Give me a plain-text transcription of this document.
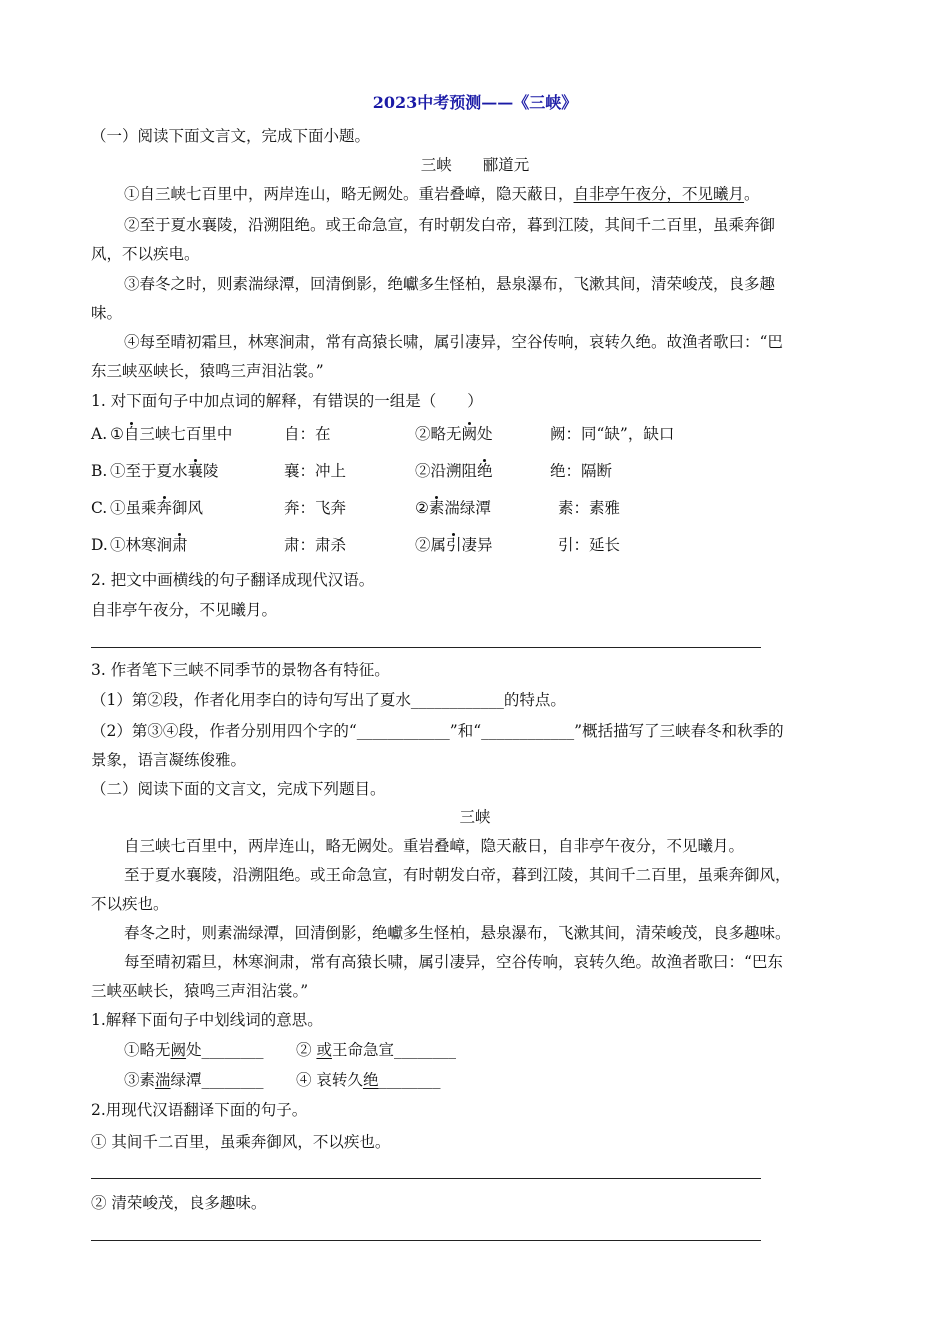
2023中考预测——《三峡》
（一）阅读下面文言文，完成下面小题。
三峡　　郦道元
①自三峡七百里中，两岸连山，略无阙处。重岩叠嶂，隐天蔽日，自非亭午夜分，不见曦月。
②至于夏水襄陵，沿溯阻绝。或王命急宣，有时朝发白帝，暮到江陵，其间千二百里，虽乘奔御
风，不以疾电。
③春冬之时，则素湍绿潭，回清倒影，绝巘多生怪柏，悬泉瀑布，飞漱其间，清荣峻茂，良多趣
味。
④每至晴初霜旦，林寒涧肃，常有高猿长啸，属引凄异，空谷传响，哀转久绝。故渔者歌曰：“巴
东三峡巫峡长，猿鸣三声泪沾裳。”
1. 对下面句子中加点词的解释，有错误的一组是（　　）
A. ①自三峡七百里中	自：在	②略无阙处	阙：同“缺”，缺口
B. ①至于夏水襄陵	襄：冲上	②沿溯阻绝	绝：隔断
C. ①虽乘奔御风	奔：飞奔	②素湍绿潭	素：素雅
D. ①林寒涧肃	肃：肃杀	②属引凄异	引：延长
2. 把文中画横线的句子翻译成现代汉语。
自非亭午夜分，不见曦月。
3. 作者笔下三峡不同季节的景物各有特征。
（1）第②段，作者化用李白的诗句写出了夏水____________的特点。
（2）第③④段，作者分别用四个字的“____________”和“____________”概括描写了三峡春冬和秋季的
景象，语言凝练俊雅。
（二）阅读下面的文言文，完成下列题目。
三峡
自三峡七百里中，两岸连山，略无阙处。重岩叠嶂，隐天蔽日，自非亭午夜分，不见曦月。
至于夏水襄陵，沿溯阻绝。或王命急宣，有时朝发白帝，暮到江陵，其间千二百里，虽乘奔御风，
不以疾也。
春冬之时，则素湍绿潭，回清倒影，绝巘多生怪柏，悬泉瀑布，飞漱其间，清荣峻茂，良多趣味。
每至晴初霜旦，林寒涧肃，常有高猿长啸，属引凄异，空谷传响，哀转久绝。故渔者歌曰：“巴东
三峡巫峡长，猿鸣三声泪沾裳。”
1.解释下面句子中划线词的意思。
①略无阙处________ ② 或王命急宣________
③素湍绿潭________ ④ 哀转久绝________
2.用现代汉语翻译下面的句子。
① 其间千二百里，虽乘奔御风，不以疾也。
② 清荣峻茂，良多趣味。
